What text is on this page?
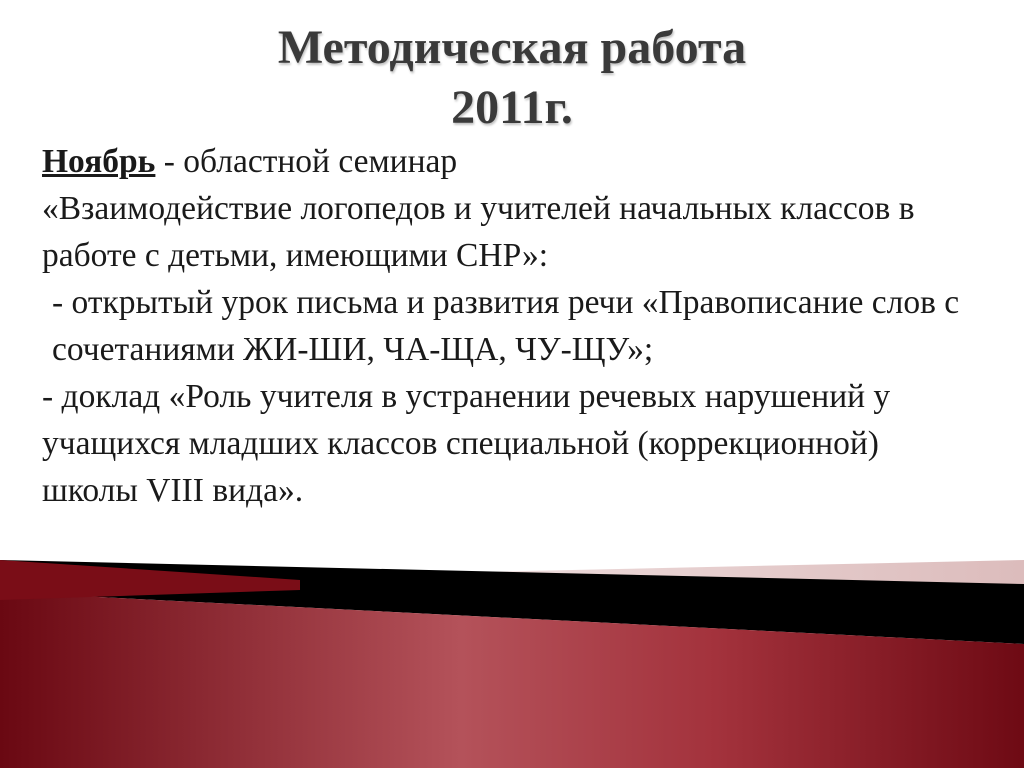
Методическая работа
2011г.

Ноябрь - областной семинар

«Взаимодействие логопедов и учителей начальных классов в работе с детьми, имеющими СНР»:

- открытый урок письма и развития речи «Правописание слов с сочетаниями ЖИ-ШИ, ЧА-ЩА, ЧУ-ЩУ»;

- доклад «Роль учителя в устранении речевых нарушений у учащихся младших классов специальной (коррекционной) школы VIII вида».
